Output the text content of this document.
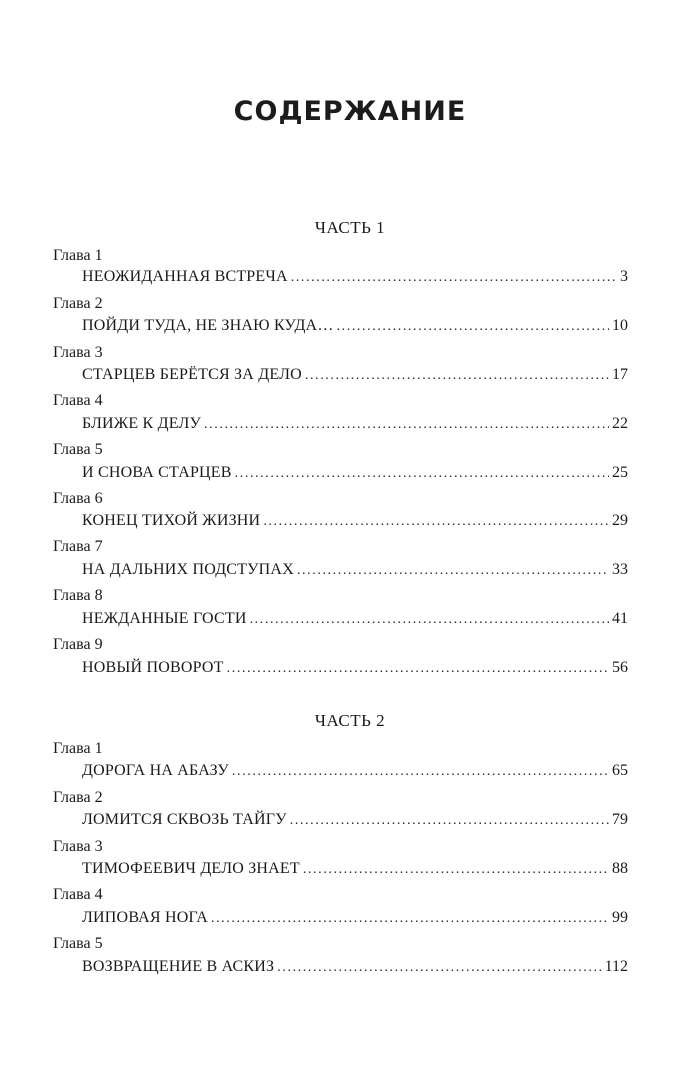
СОДЕРЖАНИЕ
ЧАСТЬ 1
Глава 1
НЕОЖИДАННАЯ ВСТРЕЧА .....	3
Глава 2
ПОЙДИ ТУДА, НЕ ЗНАЮ КУДА… .....	10
Глава 3
СТАРЦЕВ БЕРЁТСЯ ЗА ДЕЛО .....	17
Глава 4
БЛИЖЕ К ДЕЛУ .....	22
Глава 5
И СНОВА СТАРЦЕВ .....	25
Глава 6
КОНЕЦ ТИХОЙ ЖИЗНИ .....	29
Глава 7
НА ДАЛЬНИХ ПОДСТУПАХ .....	33
Глава 8
НЕЖДАННЫЕ ГОСТИ .....	41
Глава 9
НОВЫЙ ПОВОРОТ .....	56
ЧАСТЬ 2
Глава 1
ДОРОГА НА АБАЗУ .....	65
Глава 2
ЛОМИТСЯ СКВОЗЬ ТАЙГУ .....	79
Глава 3
ТИМОФЕЕВИЧ ДЕЛО ЗНАЕТ .....	88
Глава 4
ЛИПОВАЯ НОГА .....	99
Глава 5
ВОЗВРАЩЕНИЕ В АСКИЗ .....	112
